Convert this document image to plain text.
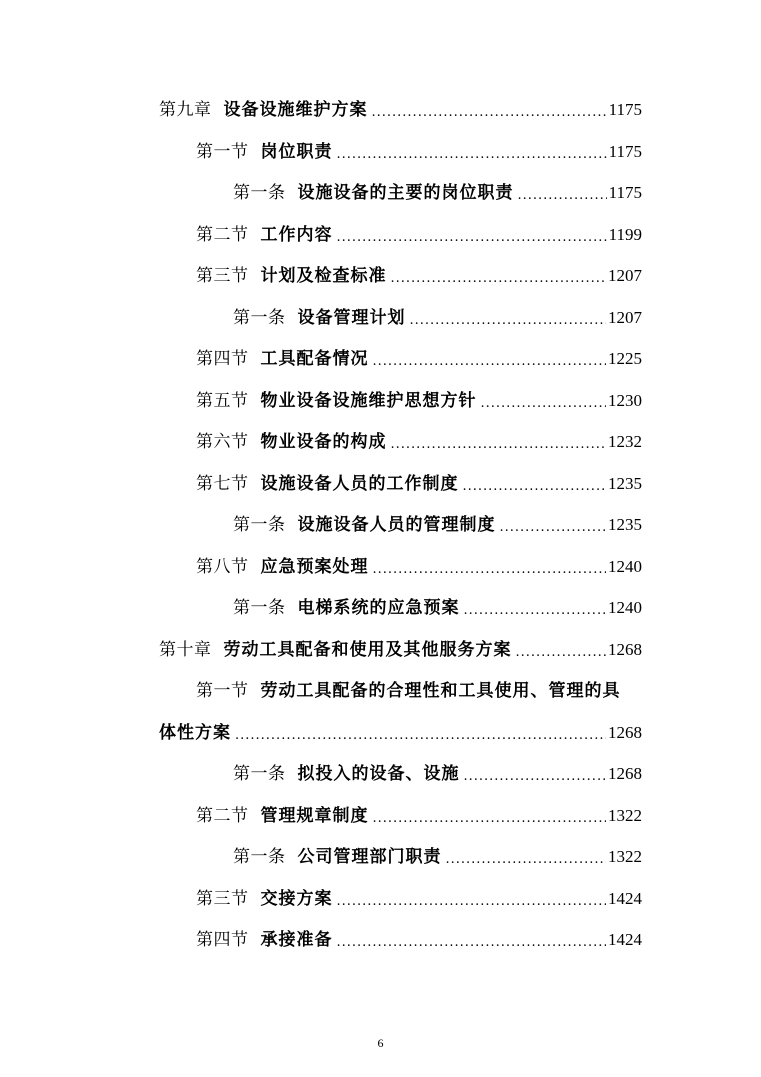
第九章 设备设施维护方案 .....	1175
第一节 岗位职责 .....	1175
第一条 设施设备的主要的岗位职责 .....	1175
第二节 工作内容 .....	1199
第三节 计划及检查标准 .....	1207
第一条 设备管理计划 .....	1207
第四节 工具配备情况 .....	1225
第五节 物业设备设施维护思想方针 .....	1230
第六节 物业设备的构成 .....	1232
第七节 设施设备人员的工作制度 .....	1235
第一条 设施设备人员的管理制度 .....	1235
第八节 应急预案处理 .....	1240
第一条 电梯系统的应急预案 .....	1240
第十章 劳动工具配备和使用及其他服务方案 .....	1268
第一节 劳动工具配备的合理性和工具使用、管理的具
体性方案 .....	1268
第一条 拟投入的设备、设施 .....	1268
第二节 管理规章制度 .....	1322
第一条 公司管理部门职责 .....	1322
第三节 交接方案 .....	1424
第四节 承接准备 .....	1424
6
